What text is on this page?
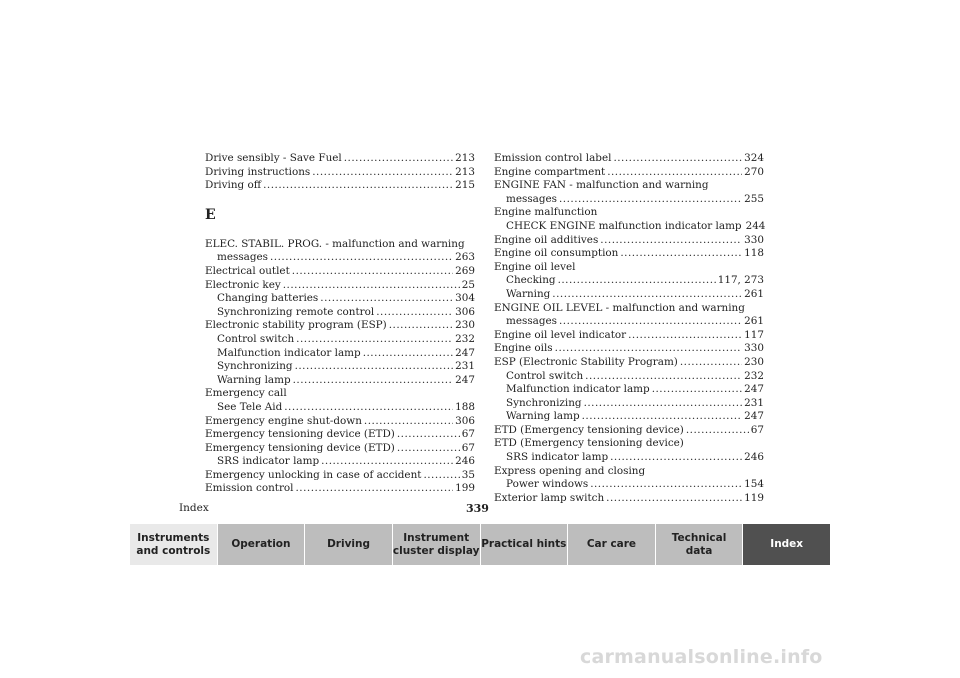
Drive sensibly - Save Fuel .....	213
Driving instructions .....	213
Driving off .....	215
E
ELEC. STABIL. PROG. - malfunction and warning
messages .....	263
Electrical outlet .....	269
Electronic key .....	25
Changing batteries .....	304
Synchronizing remote control .....	306
Electronic stability program (ESP) .....	230
Control switch .....	232
Malfunction indicator lamp .....	247
Synchronizing .....	231
Warning lamp .....	247
Emergency call
See Tele Aid .....	188
Emergency engine shut-down .....	306
Emergency tensioning device (ETD) .....	67
Emergency tensioning device (ETD) .....	67
SRS indicator lamp .....	246
Emergency unlocking in case of accident .....	35
Emission control .....	199
Emission control label .....	324
Engine compartment .....	270
ENGINE FAN - malfunction and warning
messages .....	255
Engine malfunction
CHECK ENGINE malfunction indicator lamp 244
Engine oil additives .....	330
Engine oil consumption .....	118
Engine oil level
Checking .....	117, 273
Warning .....	261
ENGINE OIL LEVEL - malfunction and warning
messages .....	261
Engine oil level indicator .....	117
Engine oils .....	330
ESP (Electronic Stability Program) .....	230
Control switch .....	232
Malfunction indicator lamp .....	247
Synchronizing .....	231
Warning lamp .....	247
ETD (Emergency tensioning device) .....	67
ETD (Emergency tensioning device)
SRS indicator lamp .....	246
Express opening and closing
Power windows .....	154
Exterior lamp switch .....	119
Index	339
Instruments
and controls
Operation	Driving
Instrument
cluster display
Practical hints	Car care
Technical
data
Index
carmanualsonline.info
